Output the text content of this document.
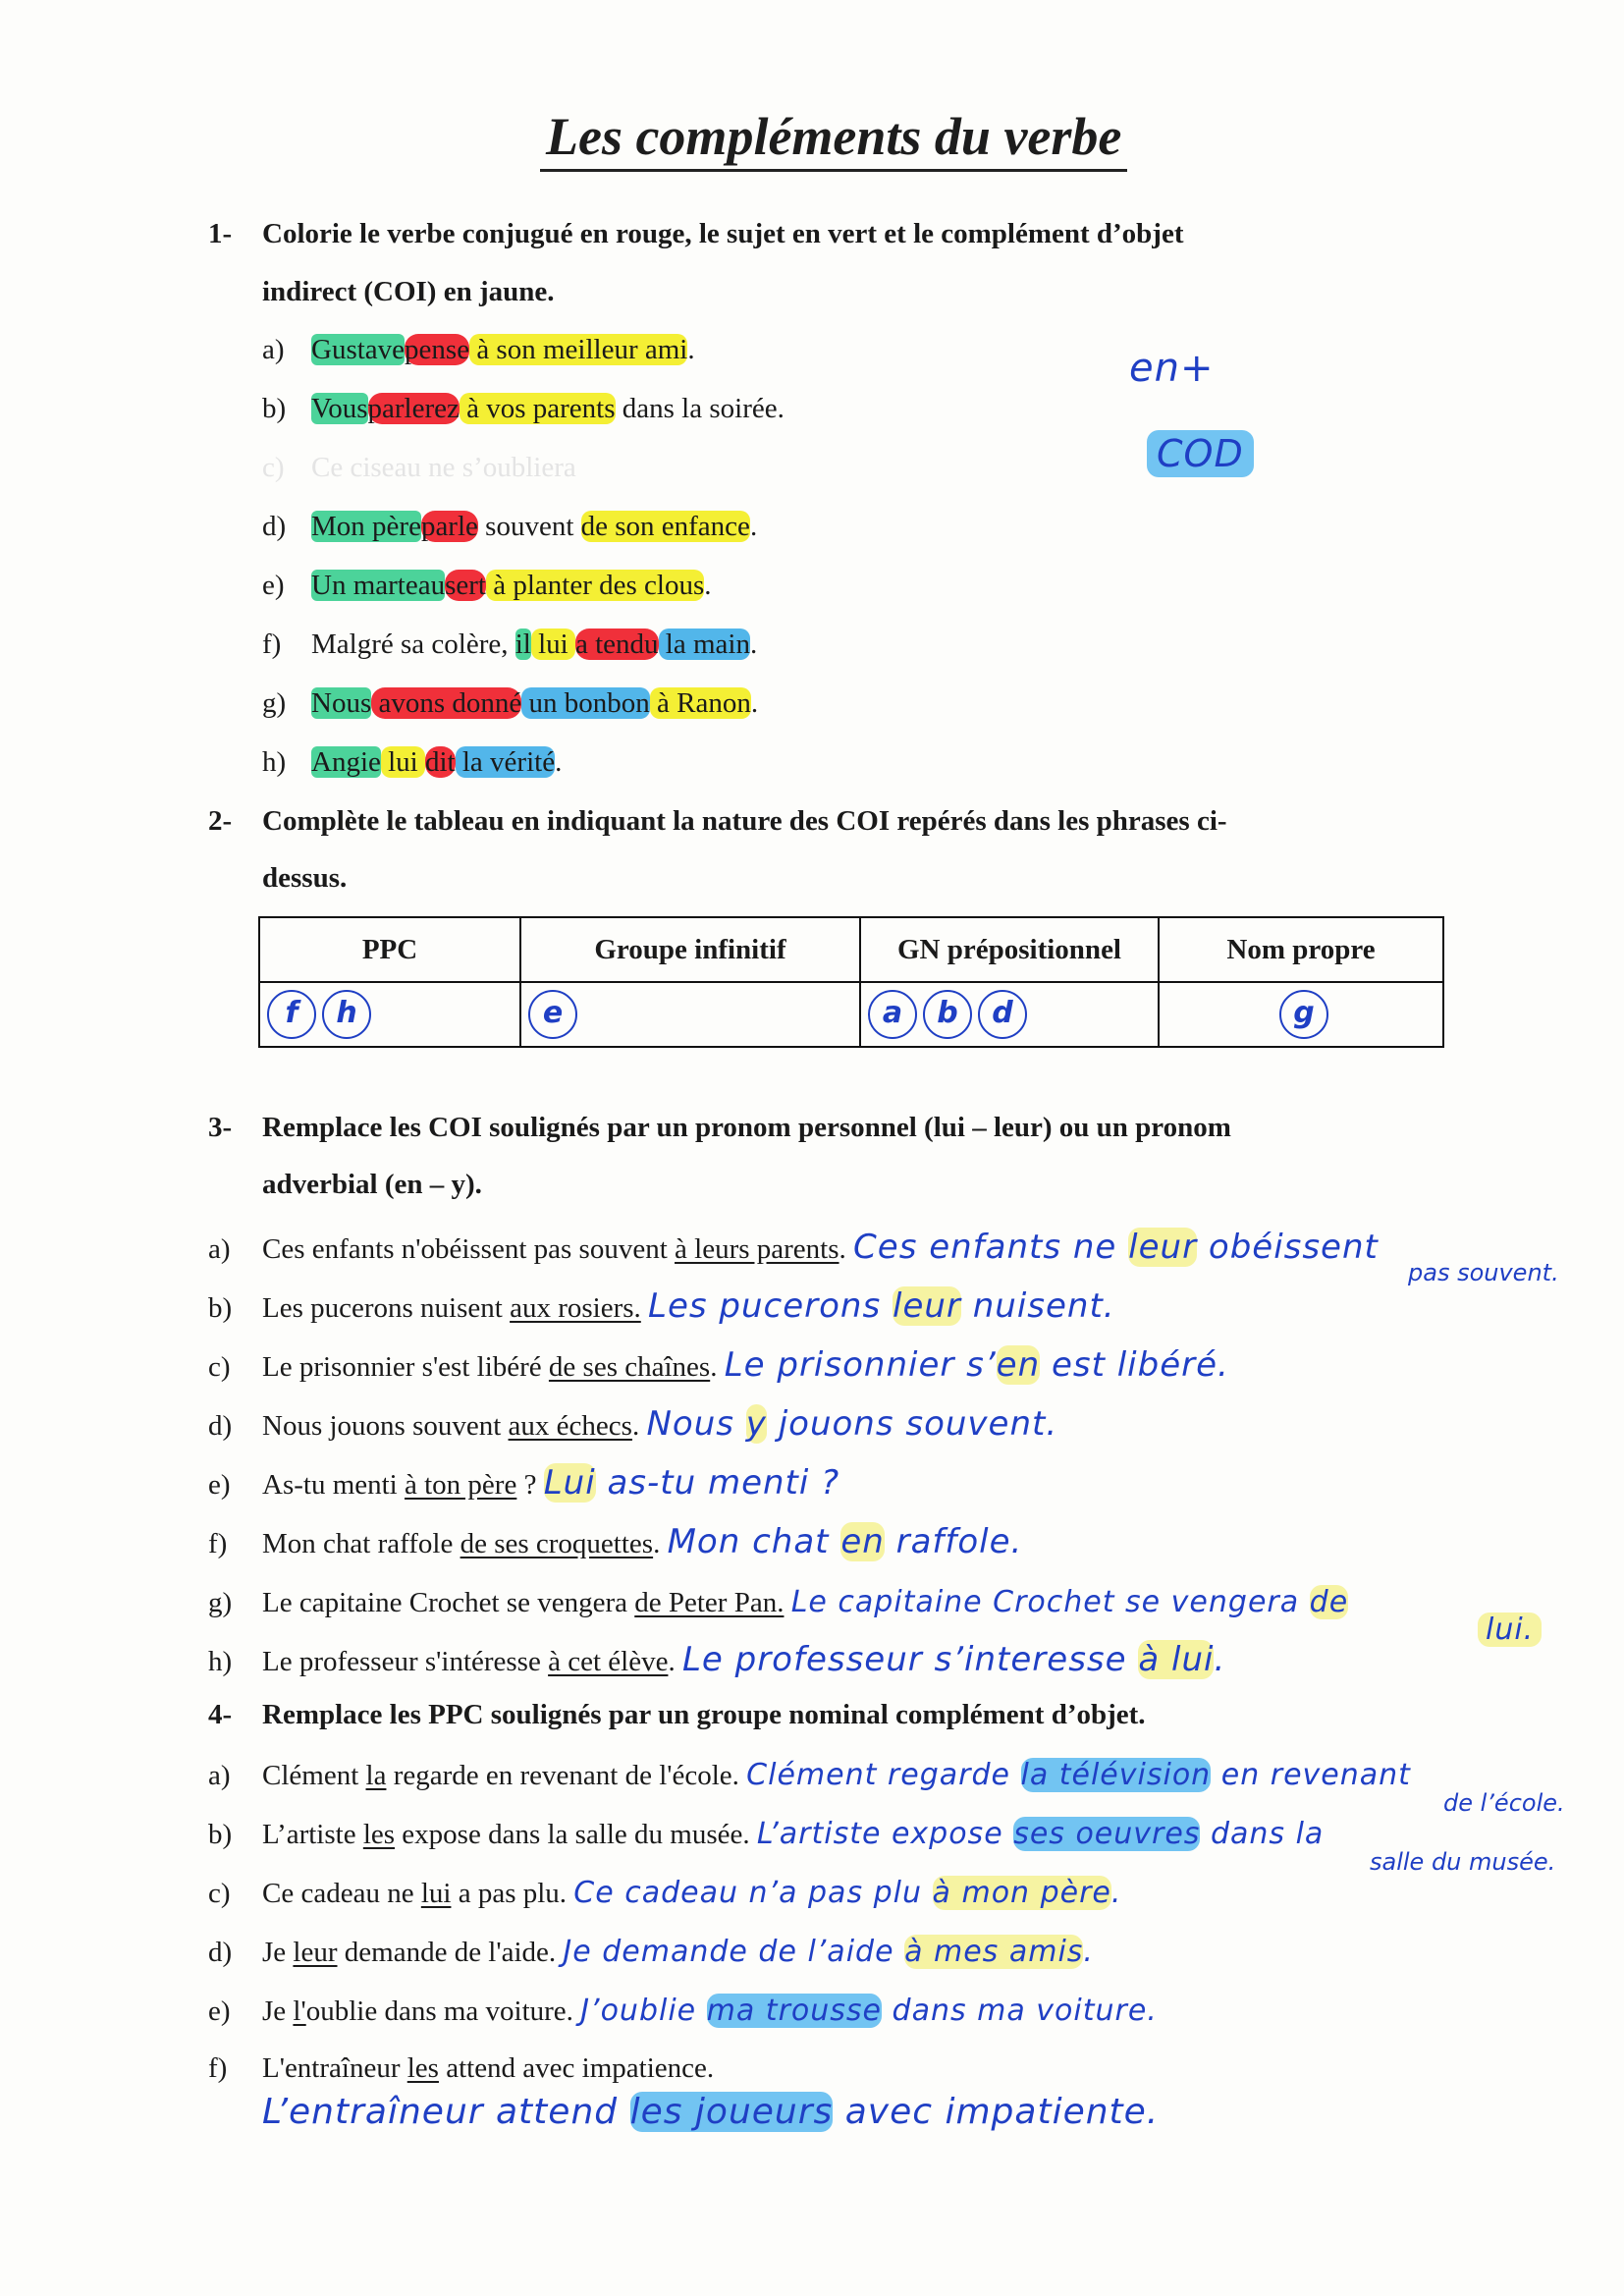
Les compléments du verbe
en+
COD
1- Colorie le verbe conjugué en rouge, le sujet en vert et le complément d’objet
indirect (COI) en jaune.
a) Gustavepense à son meilleur ami.
b) Vousparlerez à vos parents dans la soirée.
c) Ce ciseau ne s’oubliera
d) Mon pèreparle souvent de son enfance.
e) Un marteausert à planter des clous.
f) Malgré sa colère, il lui a tendu la main.
g) Nous avons donné un bonbon à Ranon.
h) Angie lui dit la vérité.
2- Complète le tableau en indiquant la nature des COI repérés dans les phrases ci-
dessus.
PPC	Groupe infinitif	GN prépositionnel	Nom propre
f h	e	a b d	g
3- Remplace les COI soulignés par un pronom personnel (lui – leur) ou un pronom
adverbial (en – y).
a) Ces enfants n'obéissent pas souvent à leurs parents. Ces enfants ne leur obéissent
pas souvent.
b) Les pucerons nuisent aux rosiers. Les pucerons leur nuisent.
c) Le prisonnier s'est libéré de ses chaînes. Le prisonnier s’en est libéré.
d) Nous jouons souvent aux échecs. Nous y jouons souvent.
e) As-tu menti à ton père ? Lui as-tu menti ?
f) Mon chat raffole de ses croquettes. Mon chat en raffole.
g) Le capitaine Crochet se vengera de Peter Pan. Le capitaine Crochet se vengera de
lui.
h) Le professeur s'intéresse à cet élève. Le professeur s’interesse à lui.
4- Remplace les PPC soulignés par un groupe nominal complément d’objet.
a) Clément la regarde en revenant de l'école. Clément regarde la télévision en revenant
de l’école.
b) L’artiste les expose dans la salle du musée. L’artiste expose ses oeuvres dans la
salle du musée.
c) Ce cadeau ne lui a pas plu. Ce cadeau n’a pas plu à mon père.
d) Je leur demande de l'aide. Je demande de l’aide à mes amis.
e) Je l'oublie dans ma voiture. J’oublie ma trousse dans ma voiture.
f) L'entraîneur les attend avec impatience.
L’entraîneur attend les joueurs avec impatiente.
